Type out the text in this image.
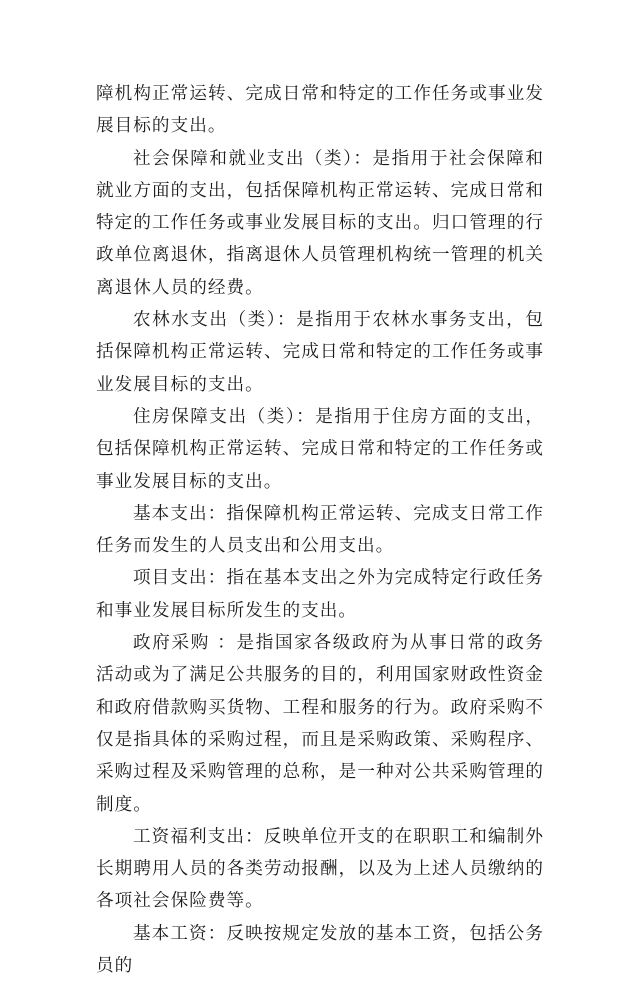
障机构正常运转、完成日常和特定的工作任务或事业发展目标的支出。

社会保障和就业支出（类）：是指用于社会保障和就业方面的支出，包括保障机构正常运转、完成日常和特定的工作任务或事业发展目标的支出。归口管理的行政单位离退休，指离退休人员管理机构统一管理的机关离退休人员的经费。

农林水支出（类）：是指用于农林水事务支出，包括保障机构正常运转、完成日常和特定的工作任务或事业发展目标的支出。

住房保障支出（类）：是指用于住房方面的支出，包括保障机构正常运转、完成日常和特定的工作任务或事业发展目标的支出。

基本支出：指保障机构正常运转、完成支日常工作任务而发生的人员支出和公用支出。

项目支出：指在基本支出之外为完成特定行政任务和事业发展目标所发生的支出。

政府采购 ：是指国家各级政府为从事日常的政务活动或为了满足公共服务的目的，利用国家财政性资金和政府借款购买货物、工程和服务的行为。政府采购不仅是指具体的采购过程，而且是采购政策、采购程序、采购过程及采购管理的总称，是一种对公共采购管理的制度。

工资福利支出：反映单位开支的在职职工和编制外长期聘用人员的各类劳动报酬，以及为上述人员缴纳的各项社会保险费等。

基本工资：反映按规定发放的基本工资，包括公务员的
